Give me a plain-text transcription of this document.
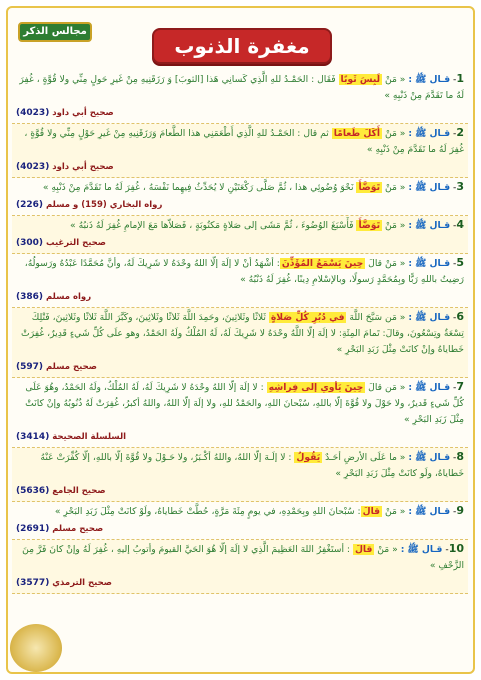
مجالس الذكر
مغفرة الذنوب
1- قـال ﷺ : « مَنْ لَبِسَ ثَوبًا فَقَال : الحَمْـدُ للهِ الَّذِي كَسانِي هَذا [الثوبَ] وَ رَزَقَنِيهِ مِنْ غَيرِ حَولٍ مِنِّي ولا قُوَّةٍ ، غُفِرَ لَهُ ما تَقَدَّمَ مِنْ ذَنْبِهِ »
صحيح أبي داود (4023)
2- قـال ﷺ : « مَنْ أَكَلَ طَعامًا ثم قال : الحَمْـدُ للهِ الَّذِي أَطْعَمَنِي هذا الطَّعامَ وَرَزَقَنِيهِ مِنْ غَيرِ حَوْلٍ مِنِّي ولا قُوَّةٍ ، غُفِرَ لَهُ ما تَقَدَّمَ مِنْ ذَنْبِهِ »
صحيح أبي داود (4023)
3- قـال ﷺ : « مَنْ تَوَضَّأَ نَحْوَ وُضُوئِي هذا ، ثُمَّ صَلَّى رَكْعَتَيْنِ لا يُحَدِّثُ فِيهِما نَفْسَهُ ، غُفِرَ لَهُ ما تَقَدَّمَ مِنْ ذَنْبِهِ »
رواه البخاري (159) و مسلم (226)
4- قـال ﷺ : « مَنْ تَوَضَّأَ فَأَسْبَغَ الوُضُوءَ ، ثُمَّ مَشَى إلى صَلاةٍ مَكتُوبَةٍ ، فَصَلاّها مَعَ الإمامِ غُفِرَ لَهُ ذَنبُهُ »
صحيح الترغيب (300)
5- قـال ﷺ : « مَنْ قالَ حِينَ يَسْمَعُ المُؤَذِّنَ: أشْهَدُ أنْ لا إلَهَ إلّا اللهُ وحْدَهُ لا شَرِيكَ لَهُ، وأنَّ مُحَمَّدًا عَبْدُهُ ورَسولُهُ، رَضِيتُ باللهِ رَبًّا وبِمُحَمَّدٍ رَسولًا، وبالإسْلامِ دِينًا، غُفِرَ لَهُ ذَنْبُهُ »
رواه مسلم (386)
6- قـال ﷺ : « مَن سَبَّحَ اللَّهَ في دُبُرِ كُلِّ صَلاةٍ ثَلاثًا وثَلاثِينَ، وحَمِدَ اللَّهَ ثَلاثًا وثَلاثِينَ، وكَبَّرَ اللَّهَ ثَلاثًا وثَلاثِينَ، فَتْلِكَ تِسْعَةٌ وتِسْعُونَ، وقالَ: تَمامَ المِئَةِ: لا إلَهَ إلّا اللَّهُ وحْدَهُ لا شَرِيكَ لَهُ، لَهُ المُلْكُ ولَهُ الحَمْدُ، وهو علَى كُلِّ شَيءٍ قَدِيرٌ، غُفِرَتْ خَطاياهُ وإنْ كانَتْ مِثْلَ زَبَدِ البَحْرِ »
صحيح مسلم (597)
7- قـال ﷺ : « مَن قالَ حِينَ يَأوي إلى فِراشِهِ : لا إلَهَ إلّا اللهُ وحْدَهُ لا شَرِيكَ لَهُ، لَهُ المُلْكُ، ولَهُ الحَمْدُ، وهُوَ عَلَى كُلِّ شَيءٍ قَديرٌ، ولا حَوْلَ ولا قُوَّةَ إلّا باللهِ، سُبْحانَ اللهِ، والحَمْدُ للهِ، ولا إلَهَ إلّا اللهُ، واللهُ أكبرُ، غُفِرَتْ لَهُ ذُنُوبُهُ وإنْ كانَتْ مِثْلَ زَبَدِ البَحْرِ »
السلسلة الصحيحة (3414)
8- قـال ﷺ : « ما عَلَى الأرضِ أحَـدٌ يَقُولُ : لا إلَـهَ إلّا اللهُ، واللهُ أكْـبَرُ، ولا حَـوْلَ ولا قُوَّةَ إلّا باللهِ، إلّا كُفِّرَتْ عَنْهُ خَطاياهُ، ولَو كانَتْ مِثْلَ زَبَدِ البَحْرِ »
صحيح الجامع (5636)
9- قـال ﷺ : « مَنْ قالَ: سُبْحانَ اللهِ وبِحَمْدِهِ، في يومٍ مِئَةَ مَرَّةٍ، حُطَّتْ خَطاياهُ، ولَوْ كانَتْ مِثْلَ زَبَدِ البَحْرِ »
صحيح مسلم (2691)
10- قـال ﷺ : « مَنْ قالَ : أستَغْفِرُ اللهَ العَظِيمَ الَّذِي لا إلَهَ إلّا هُوَ الحَيَّ القيومَ وأتوبُ إليهِ ، غُفِرَ لَهُ وإنْ كانَ فَرَّ مِنَ الزَّحْفِ »
صحيح الترمذي (3577)
